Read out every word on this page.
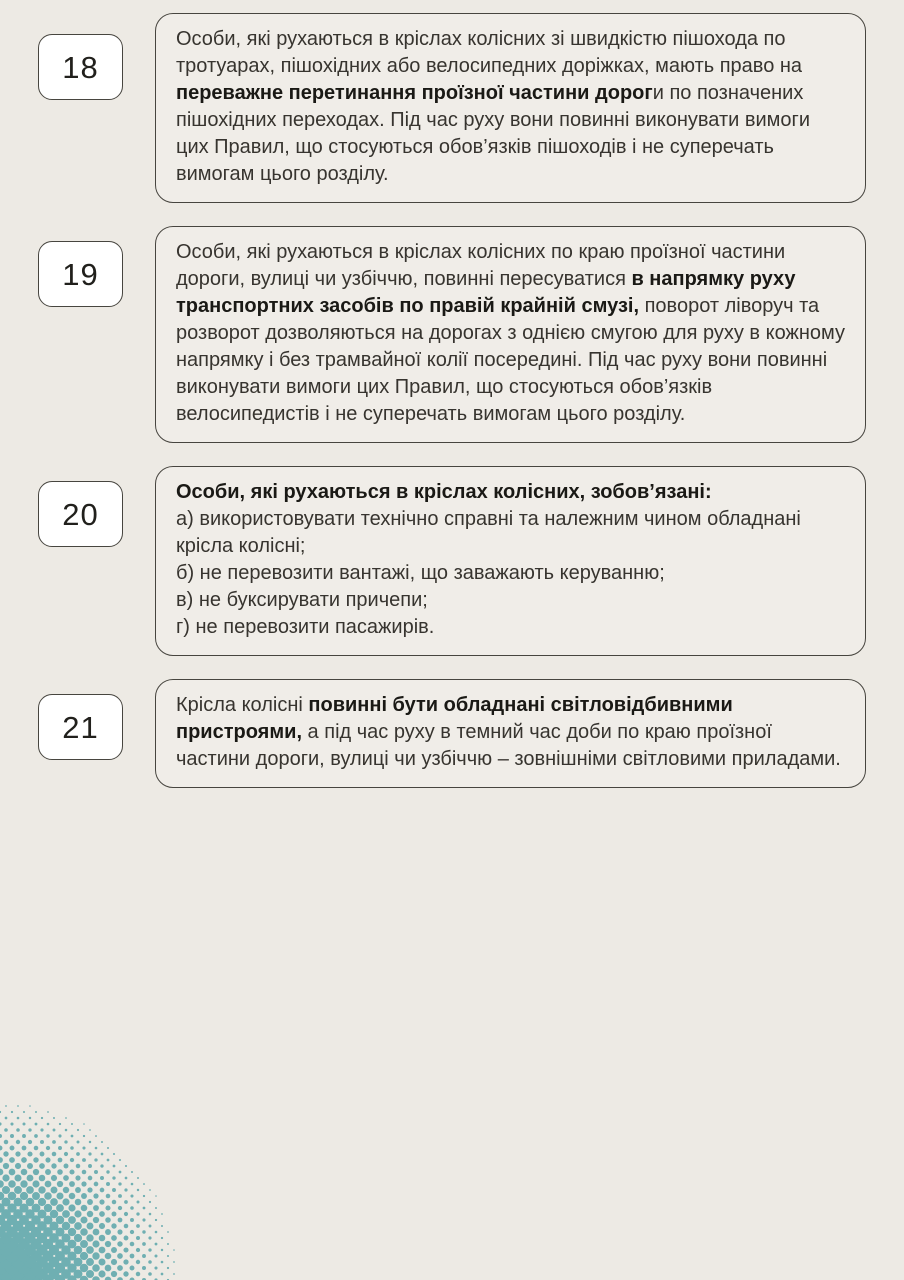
18
Особи, які рухаються в кріслах колісних зі швидкістю пішохода по тротуарах, пішохідних або велосипедних доріжках, мають право на переважне перетинання проїзної частини дороги по позначених пішохідних переходах. Під час руху вони повинні виконувати вимоги цих Правил, що стосуються обов’язків пішоходів і не суперечать вимогам цього розділу.
19
Особи, які рухаються в кріслах колісних по краю проїзної частини дороги, вулиці чи узбіччю, повинні пересуватися в напрямку руху транспортних засобів по правій крайній смузі, поворот ліворуч та розворот дозволяються на дорогах з однією смугою для руху в кожному напрямку і без трамвайної колії посередині. Під час руху вони повинні виконувати вимоги цих Правил, що стосуються обов’язків велосипедистів і не суперечать вимогам цього розділу.
20
Особи, які рухаються в кріслах колісних, зобов’язані:
а) використовувати технічно справні та належним чином обладнані крісла колісні;
б) не перевозити вантажі, що заважають керуванню;
в) не буксирувати причепи;
г) не перевозити пасажирів.
21
Крісла колісні повинні бути обладнані світловідбивними пристроями, а під час руху в темний час доби по краю проїзної частини дороги, вулиці чи узбіччю – зовнішніми світловими приладами.
